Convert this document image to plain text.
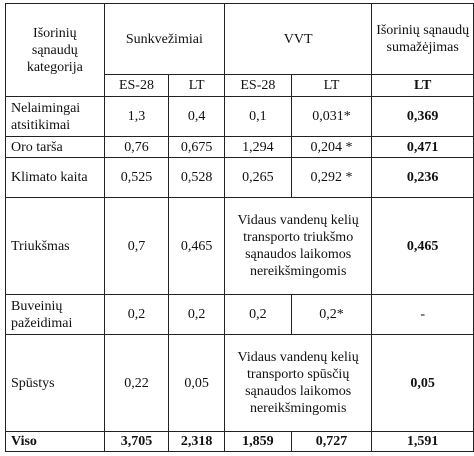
Išorinių sąnaudų kategorija	Sunkvežimiai		VVT		Išorinių sąnaudų sumažėjimas
	ES-28	LT	ES-28	LT	LT
Nelaimingai atsitikimai	1,3	0,4	0,1	0,031*	0,369
Oro tarša	0,76	0,675	1,294	0,204 *	0,471
Klimato kaita	0,525	0,528	0,265	0,292 *	0,236
Triukšmas	0,7	0,465	Vidaus vandenų kelių transporto triukšmo sąnaudos laikomos nereikšmingomis		0,465
Buveinių pažeidimai	0,2	0,2	0,2	0,2*	-
Spūstys	0,22	0,05	Vidaus vandenų kelių transporto spūsčių sąnaudos laikomos nereikšmingomis		0,05
Viso	3,705	2,318	1,859	0,727	1,591
